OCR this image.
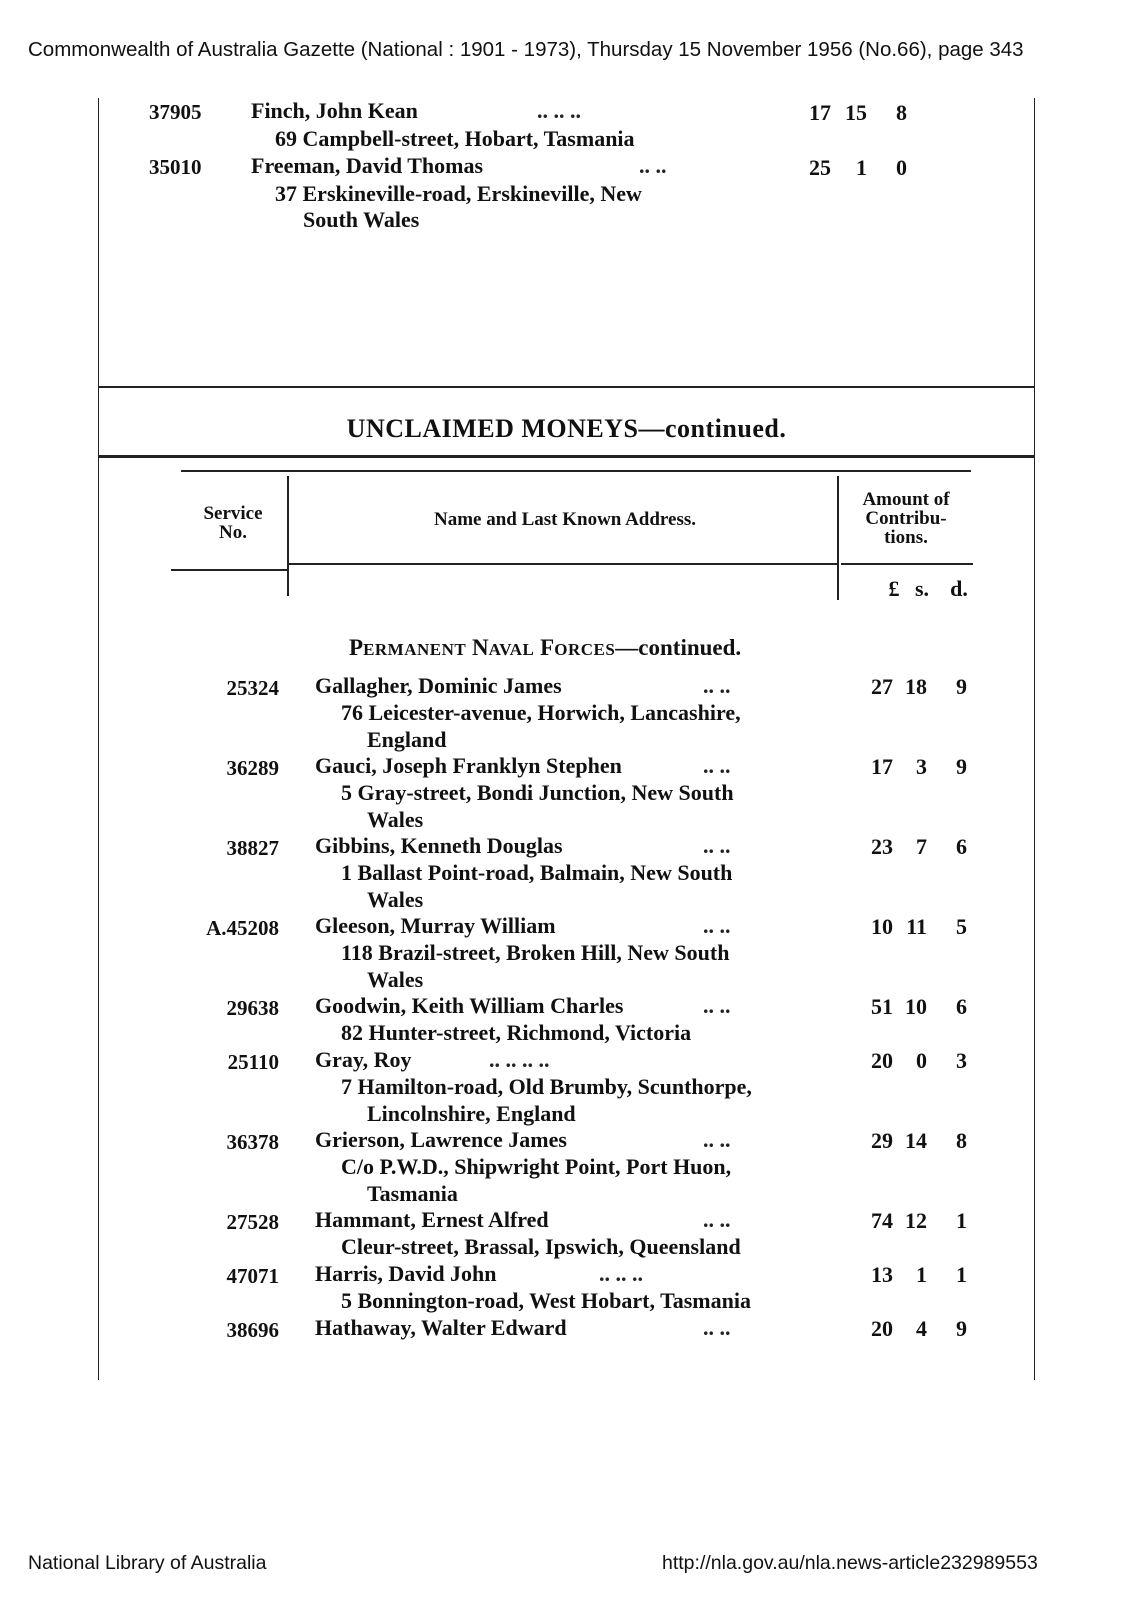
Commonwealth of Australia Gazette (National : 1901 - 1973), Thursday 15 November 1956 (No.66), page 343
37905 Finch, John Kean	.. .. ..	17 15	8
69 Campbell-street, Hobart, Tasmania
35010 Freeman, David Thomas	.. ..	25	1	0
37 Erskineville-road, Erskineville, New
South Wales
UNCLAIMED MONEYS—continued.
Service
No.
Name and Last Known Address.
Amount of
Contribu-
tions.
£ s. d.
PERMANENT NAVAL FORCES—continued.
25324 Gallagher, Dominic James	.. ..	27 18	9
76 Leicester-avenue, Horwich, Lancashire,
England
36289 Gauci, Joseph Franklyn Stephen	.. ..	17	3	9
5 Gray-street, Bondi Junction, New South
Wales
38827 Gibbins, Kenneth Douglas	.. ..	23	7	6
1 Ballast Point-road, Balmain, New South
Wales
A.45208 Gleeson, Murray William	.. ..	10 11	5
118 Brazil-street, Broken Hill, New South
Wales
29638 Goodwin, Keith William Charles	.. ..	51 10	6
82 Hunter-street, Richmond, Victoria
25110 Gray, Roy	.. .. .. ..	20	0	3
7 Hamilton-road, Old Brumby, Scunthorpe,
Lincolnshire, England
36378 Grierson, Lawrence James	.. ..	29 14	8
C/o P.W.D., Shipwright Point, Port Huon,
Tasmania
27528 Hammant, Ernest Alfred	.. ..	74 12	1
Cleur-street, Brassal, Ipswich, Queensland
47071 Harris, David John	.. .. ..	13	1	1
5 Bonnington-road, West Hobart, Tasmania
38696 Hathaway, Walter Edward	.. ..	20	4	9
National Library of Australia	http://nla.gov.au/nla.news-article232989553
